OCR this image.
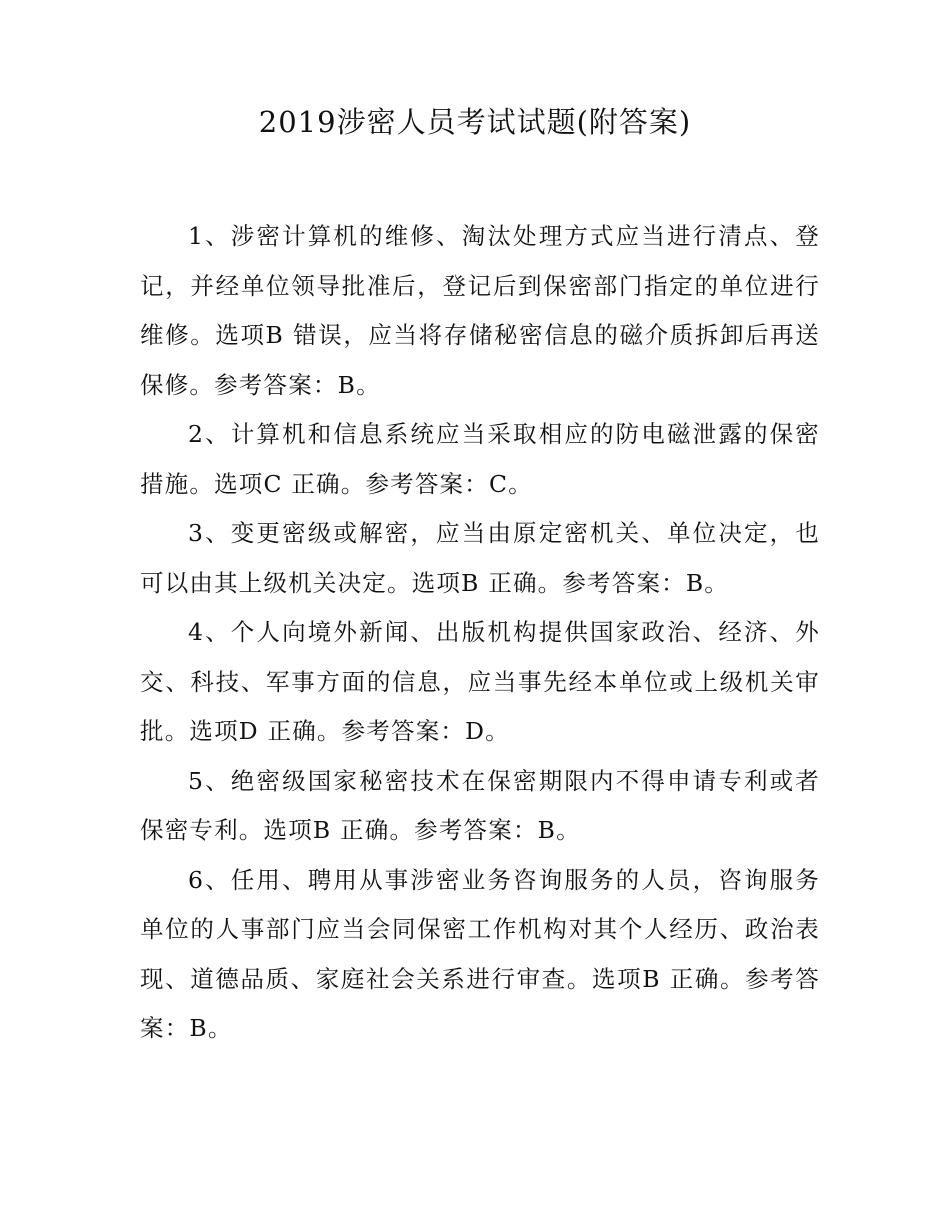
2019涉密人员考试试题(附答案)

1、涉密计算机的维修、淘汰处理方式应当进行清点、登记，并经单位领导批准后，登记后到保密部门指定的单位进行维修。选项B 错误，应当将存储秘密信息的磁介质拆卸后再送保修。参考答案：B。

2、计算机和信息系统应当采取相应的防电磁泄露的保密措施。选项C 正确。参考答案：C。

3、变更密级或解密，应当由原定密机关、单位决定，也可以由其上级机关决定。选项B 正确。参考答案：B。

4、个人向境外新闻、出版机构提供国家政治、经济、外交、科技、军事方面的信息，应当事先经本单位或上级机关审批。选项D 正确。参考答案：D。

5、绝密级国家秘密技术在保密期限内不得申请专利或者保密专利。选项B 正确。参考答案：B。

6、任用、聘用从事涉密业务咨询服务的人员，咨询服务单位的人事部门应当会同保密工作机构对其个人经历、政治表现、道德品质、家庭社会关系进行审查。选项B 正确。参考答案：B。
